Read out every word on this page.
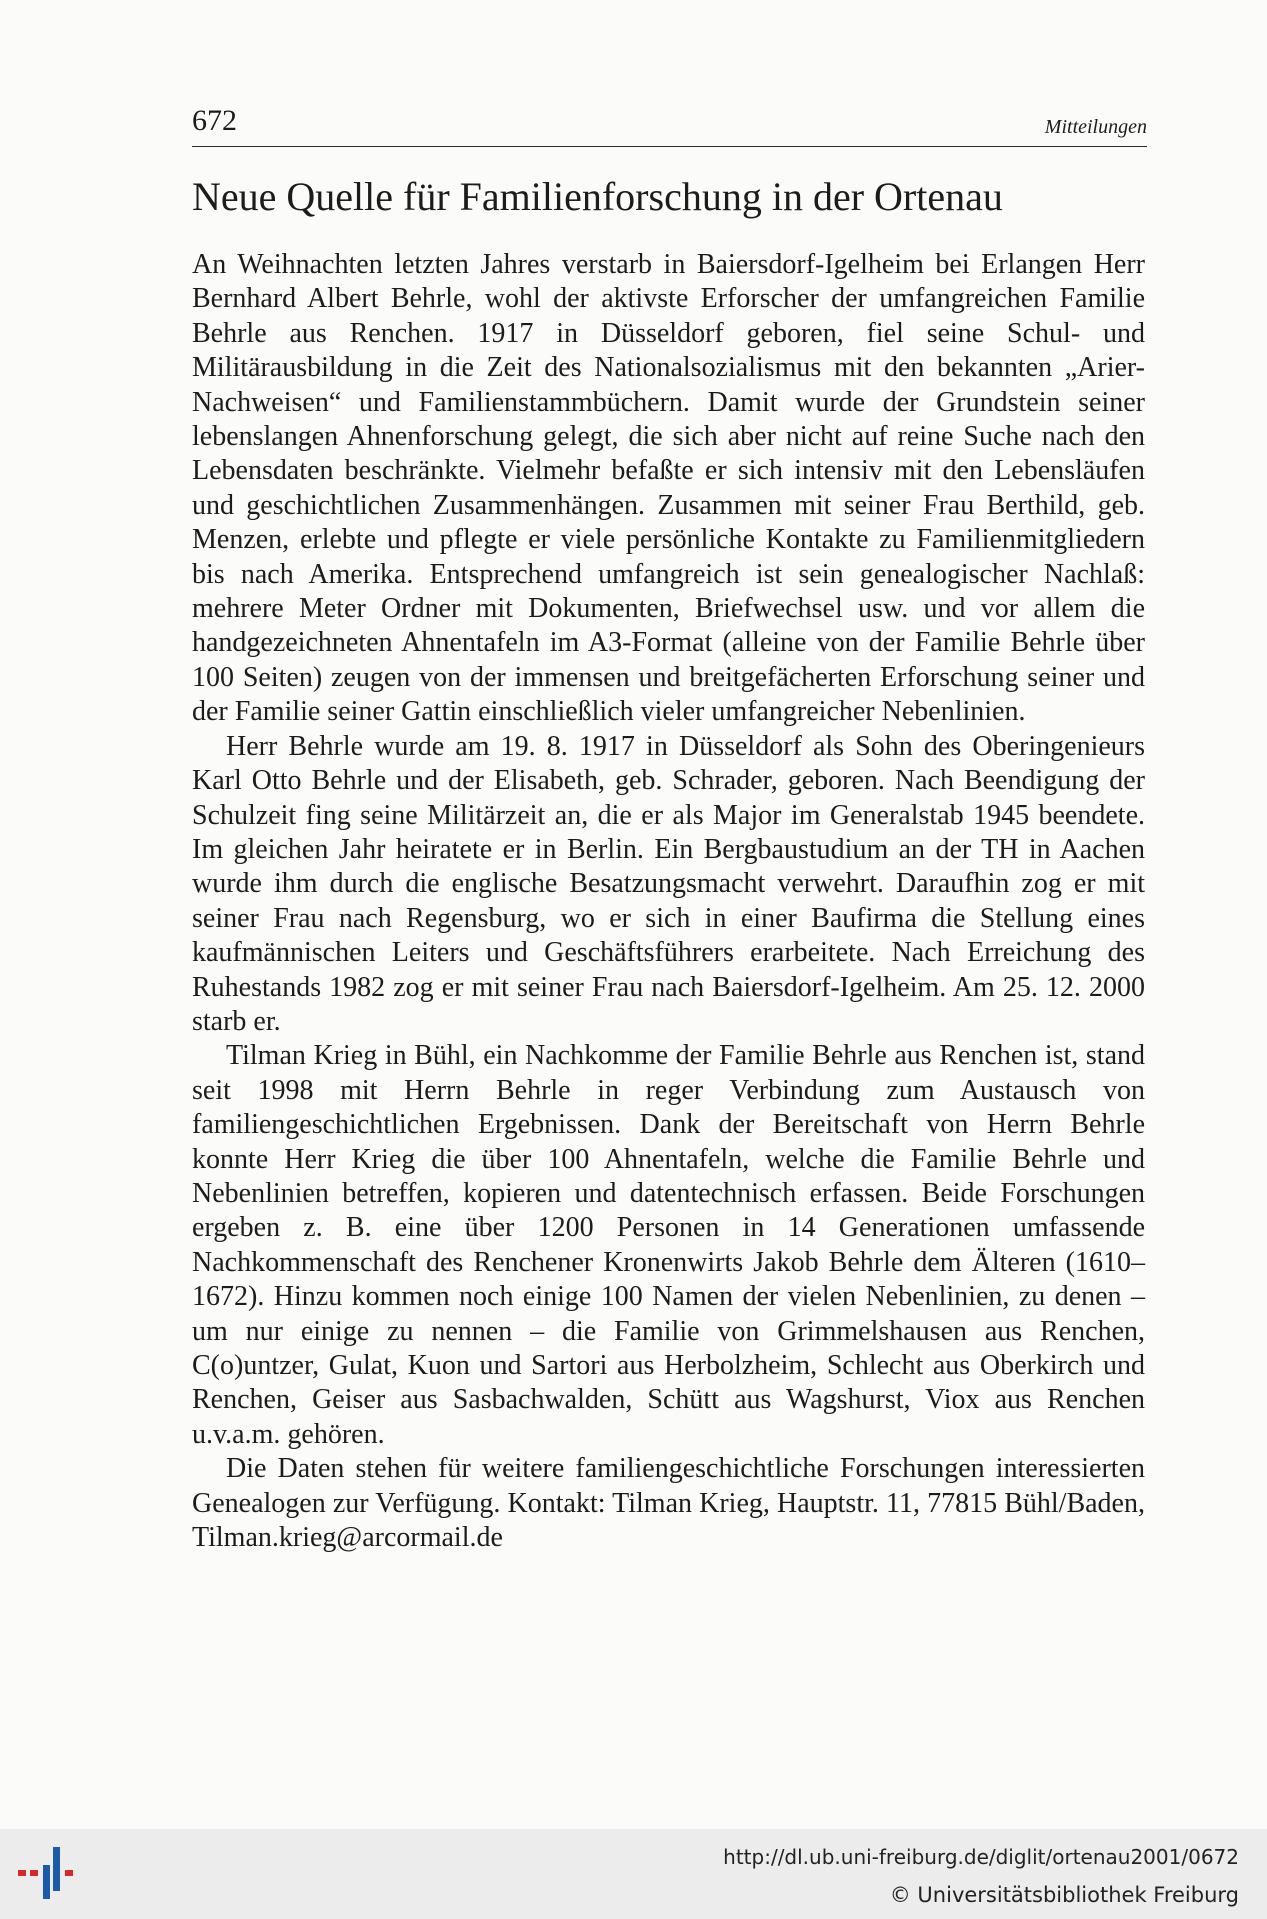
672	Mitteilungen
Neue Quelle für Familienforschung in der Ortenau

An Weihnachten letzten Jahres verstarb in Baiersdorf-Igelheim bei Erlangen Herr Bernhard Albert Behrle, wohl der aktivste Erforscher der umfangreichen Familie Behrle aus Renchen. 1917 in Düsseldorf geboren, fiel seine Schul- und Militärausbildung in die Zeit des Nationalsozialismus mit den bekannten „Arier-Nachweisen“ und Familienstammbüchern. Damit wurde der Grundstein seiner lebenslangen Ahnenforschung gelegt, die sich aber nicht auf reine Suche nach den Lebensdaten beschränkte. Vielmehr befaßte er sich intensiv mit den Lebensläufen und geschichtlichen Zusammenhängen. Zusammen mit seiner Frau Berthild, geb. Menzen, erlebte und pflegte er viele persönliche Kontakte zu Familienmitgliedern bis nach Amerika. Entsprechend umfangreich ist sein genealogischer Nachlaß: mehrere Meter Ordner mit Dokumenten, Briefwechsel usw. und vor allem die handgezeichneten Ahnentafeln im A3-Format (alleine von der Familie Behrle über 100 Seiten) zeugen von der immensen und breitgefächerten Erforschung seiner und der Familie seiner Gattin einschließlich vieler umfangreicher Nebenlinien.

Herr Behrle wurde am 19. 8. 1917 in Düsseldorf als Sohn des Oberingenieurs Karl Otto Behrle und der Elisabeth, geb. Schrader, geboren. Nach Beendigung der Schulzeit fing seine Militärzeit an, die er als Major im Generalstab 1945 beendete. Im gleichen Jahr heiratete er in Berlin. Ein Bergbaustudium an der TH in Aachen wurde ihm durch die englische Besatzungsmacht verwehrt. Daraufhin zog er mit seiner Frau nach Regensburg, wo er sich in einer Baufirma die Stellung eines kaufmännischen Leiters und Geschäftsführers erarbeitete. Nach Erreichung des Ruhestands 1982 zog er mit seiner Frau nach Baiersdorf-Igelheim. Am 25. 12. 2000 starb er.

Tilman Krieg in Bühl, ein Nachkomme der Familie Behrle aus Renchen ist, stand seit 1998 mit Herrn Behrle in reger Verbindung zum Austausch von familiengeschichtlichen Ergebnissen. Dank der Bereitschaft von Herrn Behrle konnte Herr Krieg die über 100 Ahnentafeln, welche die Familie Behrle und Nebenlinien betreffen, kopieren und datentechnisch erfassen. Beide Forschungen ergeben z. B. eine über 1200 Personen in 14 Generationen umfassende Nachkommenschaft des Renchener Kronenwirts Jakob Behrle dem Älteren (1610–1672). Hinzu kommen noch einige 100 Namen der vielen Nebenlinien, zu denen – um nur einige zu nennen – die Familie von Grimmelshausen aus Renchen, C(o)untzer, Gulat, Kuon und Sartori aus Herbolzheim, Schlecht aus Oberkirch und Renchen, Geiser aus Sasbachwalden, Schütt aus Wagshurst, Viox aus Renchen u.v.a.m. gehören.

Die Daten stehen für weitere familiengeschichtliche Forschungen interessierten Genealogen zur Verfügung. Kontakt: Tilman Krieg, Hauptstr. 11, 77815 Bühl/Baden, Tilman.krieg@arcormail.de

http://dl.ub.uni-freiburg.de/diglit/ortenau2001/0672
© Universitätsbibliothek Freiburg
